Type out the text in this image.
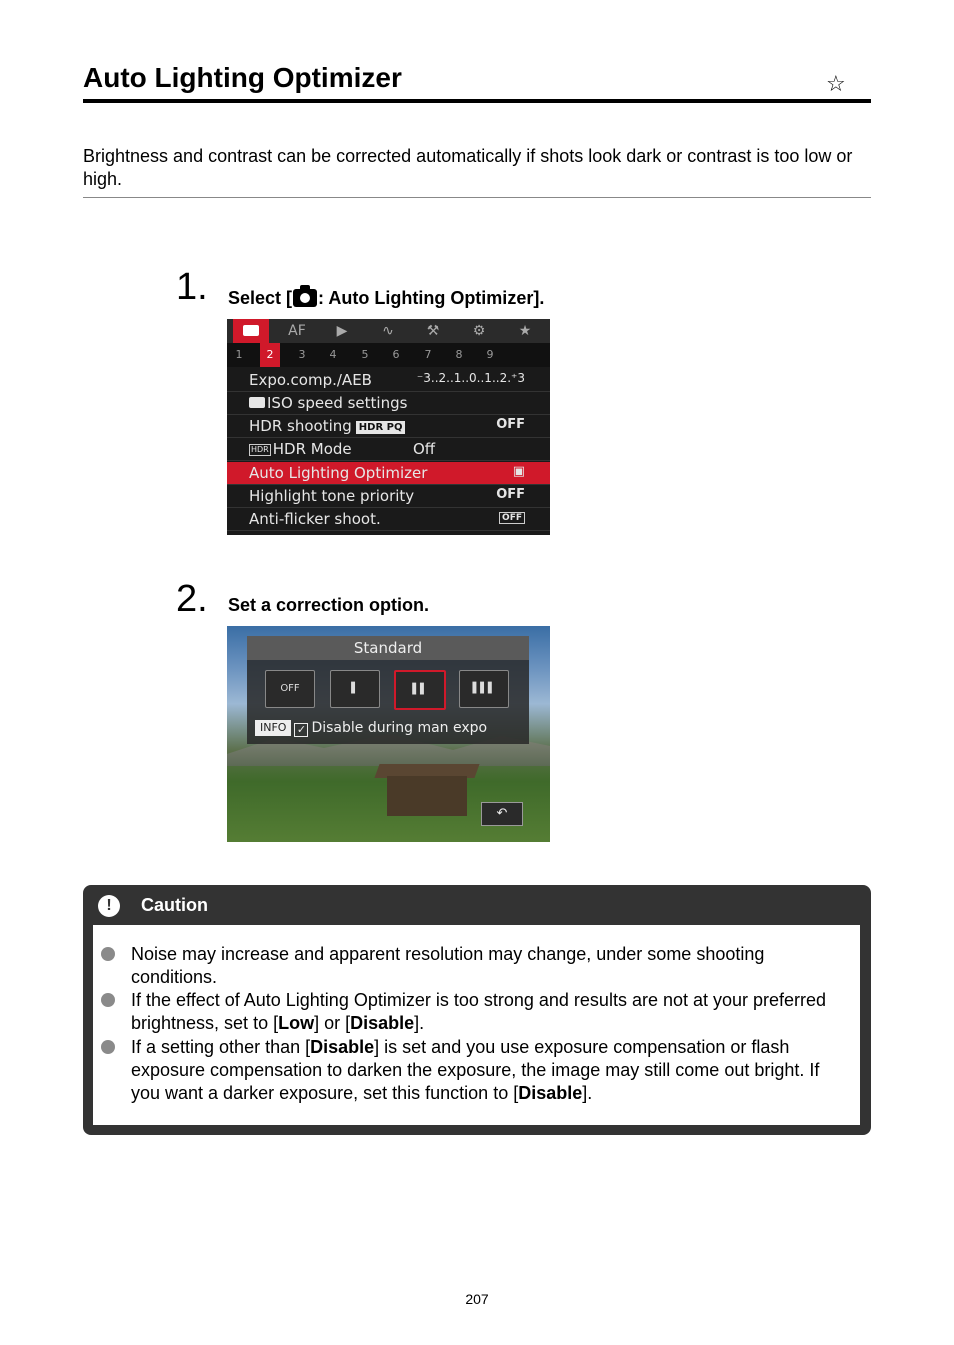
Auto Lighting Optimizer	☆
Brightness and contrast can be corrected automatically if shots look dark or contrast is too low or high.
1. Select [ : Auto Lighting Optimizer].
AF	▶	∿	⚒	⚙	★
1	2	3	4	5	6	7	8	9
Expo.comp./AEB	⁻3..2..1..0..1..2.⁺3
ISO speed settings
HDR shooting HDR PQ	OFF
HDR HDR Mode	Off
Auto Lighting Optimizer	▣
Highlight tone priority	OFF
Anti-flicker shoot.	OFF
2. Set a correction option.
Standard
OFF	▌	▌▌	▌▌▌
INFO ✓ Disable during man expo
↶
!	Caution
Noise may increase and apparent resolution may change, under some shooting conditions.
If the effect of Auto Lighting Optimizer is too strong and results are not at your preferred brightness, set to [Low] or [Disable].
If a setting other than [Disable] is set and you use exposure compensation or flash exposure compensation to darken the exposure, the image may still come out bright. If you want a darker exposure, set this function to [Disable].
207
